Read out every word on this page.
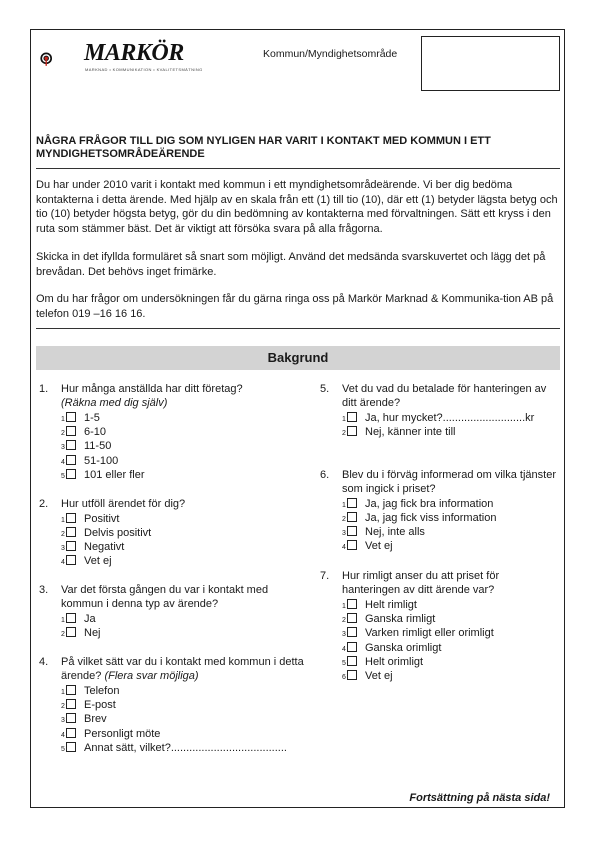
MARKÖR
MARKNAD • KOMMUNIKATION • KVALITETSMÄTNING
Kommun/Myndighetsområde
NÅGRA FRÅGOR TILL DIG SOM NYLIGEN HAR VARIT I KONTAKT MED KOMMUN I ETT MYNDIGHETSOMRÅDEÄRENDE

Du har under 2010 varit i kontakt med kommun i ett myndighetsområdeärende. Vi ber dig bedöma kontakterna i detta ärende. Med hjälp av en skala från ett (1) till tio (10), där ett (1) betyder lägsta betyg och tio (10) betyder högsta betyg, gör du din bedömning av kontakterna med förvaltningen. Sätt ett kryss i den ruta som stämmer bäst. Det är viktigt att försöka svara på alla frågorna.

Skicka in det ifyllda formuläret så snart som möjligt. Använd det medsända svarskuvertet och lägg det på brevådan. Det behövs inget frimärke.

Om du har frågor om undersökningen får du gärna ringa oss på Markör Marknad & Kommunika-tion AB på telefon 019 –16 16 16.

Bakgrund
1. Hur många anställda har ditt företag?
(Räkna med dig själv)
1 1-5
2 6-10
3 11-50
4 51-100
5 101 eller fler
2. Hur utföll ärendet för dig?
1 Positivt
2 Delvis positivt
3 Negativt
4 Vet ej
3. Var det första gången du var i kontakt med kommun i denna typ av ärende?
1 Ja
2 Nej
4. På vilket sätt var du i kontakt med kommun i detta ärende? (Flera svar möjliga)
1 Telefon
2 E-post
3 Brev
4 Personligt möte
5 Annat sätt, vilket?......................................
5. Vet du vad du betalade för hanteringen av ditt ärende?
1 Ja, hur mycket?...........................kr
2 Nej, känner inte till
6. Blev du i förväg informerad om vilka tjänster som ingick i priset?
1 Ja, jag fick bra information
2 Ja, jag fick viss information
3 Nej, inte alls
4 Vet ej
7. Hur rimligt anser du att priset för hanteringen av ditt ärende var?
1 Helt rimligt
2 Ganska rimligt
3 Varken rimligt eller orimligt
4 Ganska orimligt
5 Helt orimligt
6 Vet ej
Fortsättning på nästa sida!
